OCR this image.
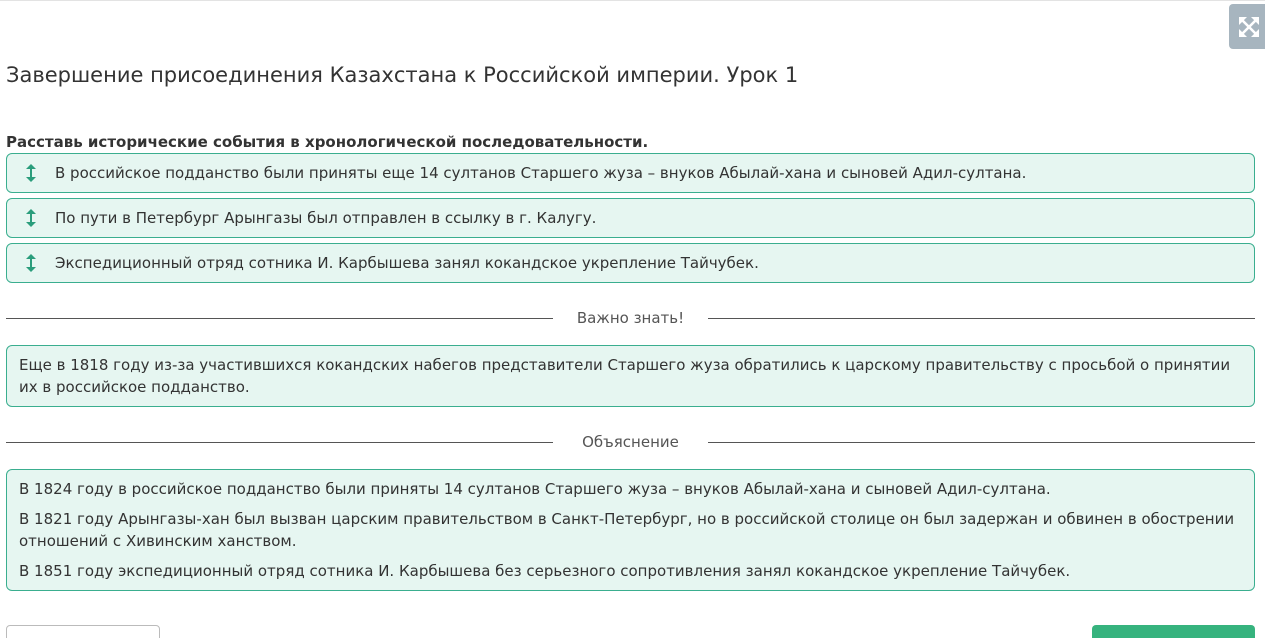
Завершение присоединения Казахстана к Российской империи. Урок 1
Расставь исторические события в хронологической последовательности.
В российское подданство были приняты еще 14 султанов Старшего жуза – внуков Абылай-хана и сыновей Адил-султана.
По пути в Петербург Арынгазы был отправлен в ссылку в г. Калугу.
Экспедиционный отряд сотника И. Карбышева занял кокандское укрепление Тайчубек.
Важно знать!

Еще в 1818 году из-за участившихся кокандских набегов представители Старшего жуза обратились к царскому правительству с просьбой о принятии их в российское подданство.

Объяснение

В 1824 году в российское подданство были приняты 14 султанов Старшего жуза – внуков Абылай-хана и сыновей Адил-султана.

В 1821 году Арынгазы-хан был вызван царским правительством в Санкт-Петербург, но в российской столице он был задержан и обвинен в обострении отношений с Хивинским ханством.

В 1851 году экспедиционный отряд сотника И. Карбышева без серьезного сопротивления занял кокандское укрепление Тайчубек.
